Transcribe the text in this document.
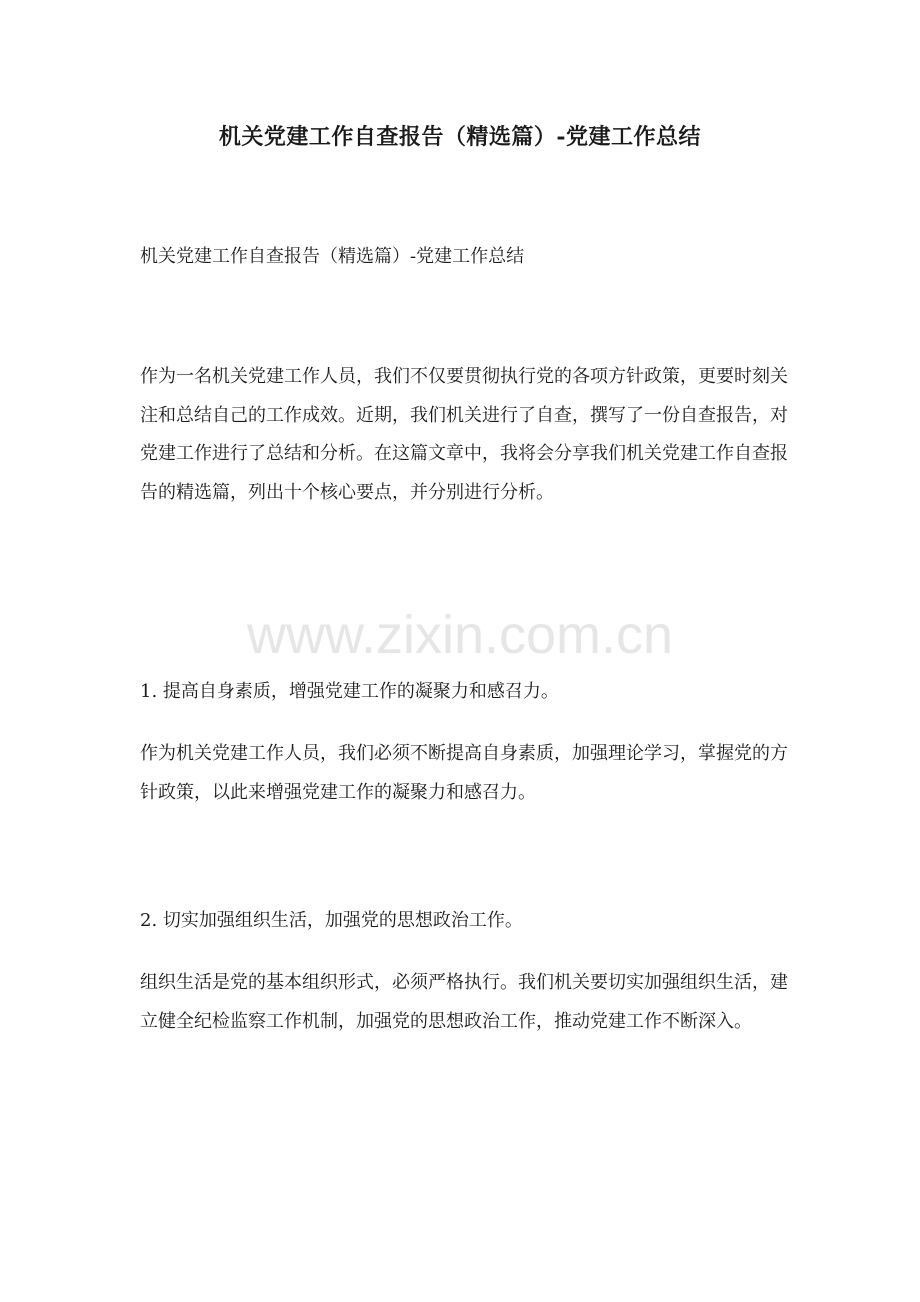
www.zixin.com.cn
机关党建工作自查报告（精选篇）-党建工作总结

机关党建工作自查报告（精选篇）-党建工作总结

作为一名机关党建工作人员，我们不仅要贯彻执行党的各项方针政策，更要时刻关注和总结自己的工作成效。近期，我们机关进行了自查，撰写了一份自查报告，对党建工作进行了总结和分析。在这篇文章中，我将会分享我们机关党建工作自查报告的精选篇，列出十个核心要点，并分别进行分析。

1. 提高自身素质，增强党建工作的凝聚力和感召力。

作为机关党建工作人员，我们必须不断提高自身素质，加强理论学习，掌握党的方针政策，以此来增强党建工作的凝聚力和感召力。

2. 切实加强组织生活，加强党的思想政治工作。

组织生活是党的基本组织形式，必须严格执行。我们机关要切实加强组织生活，建立健全纪检监察工作机制，加强党的思想政治工作，推动党建工作不断深入。
